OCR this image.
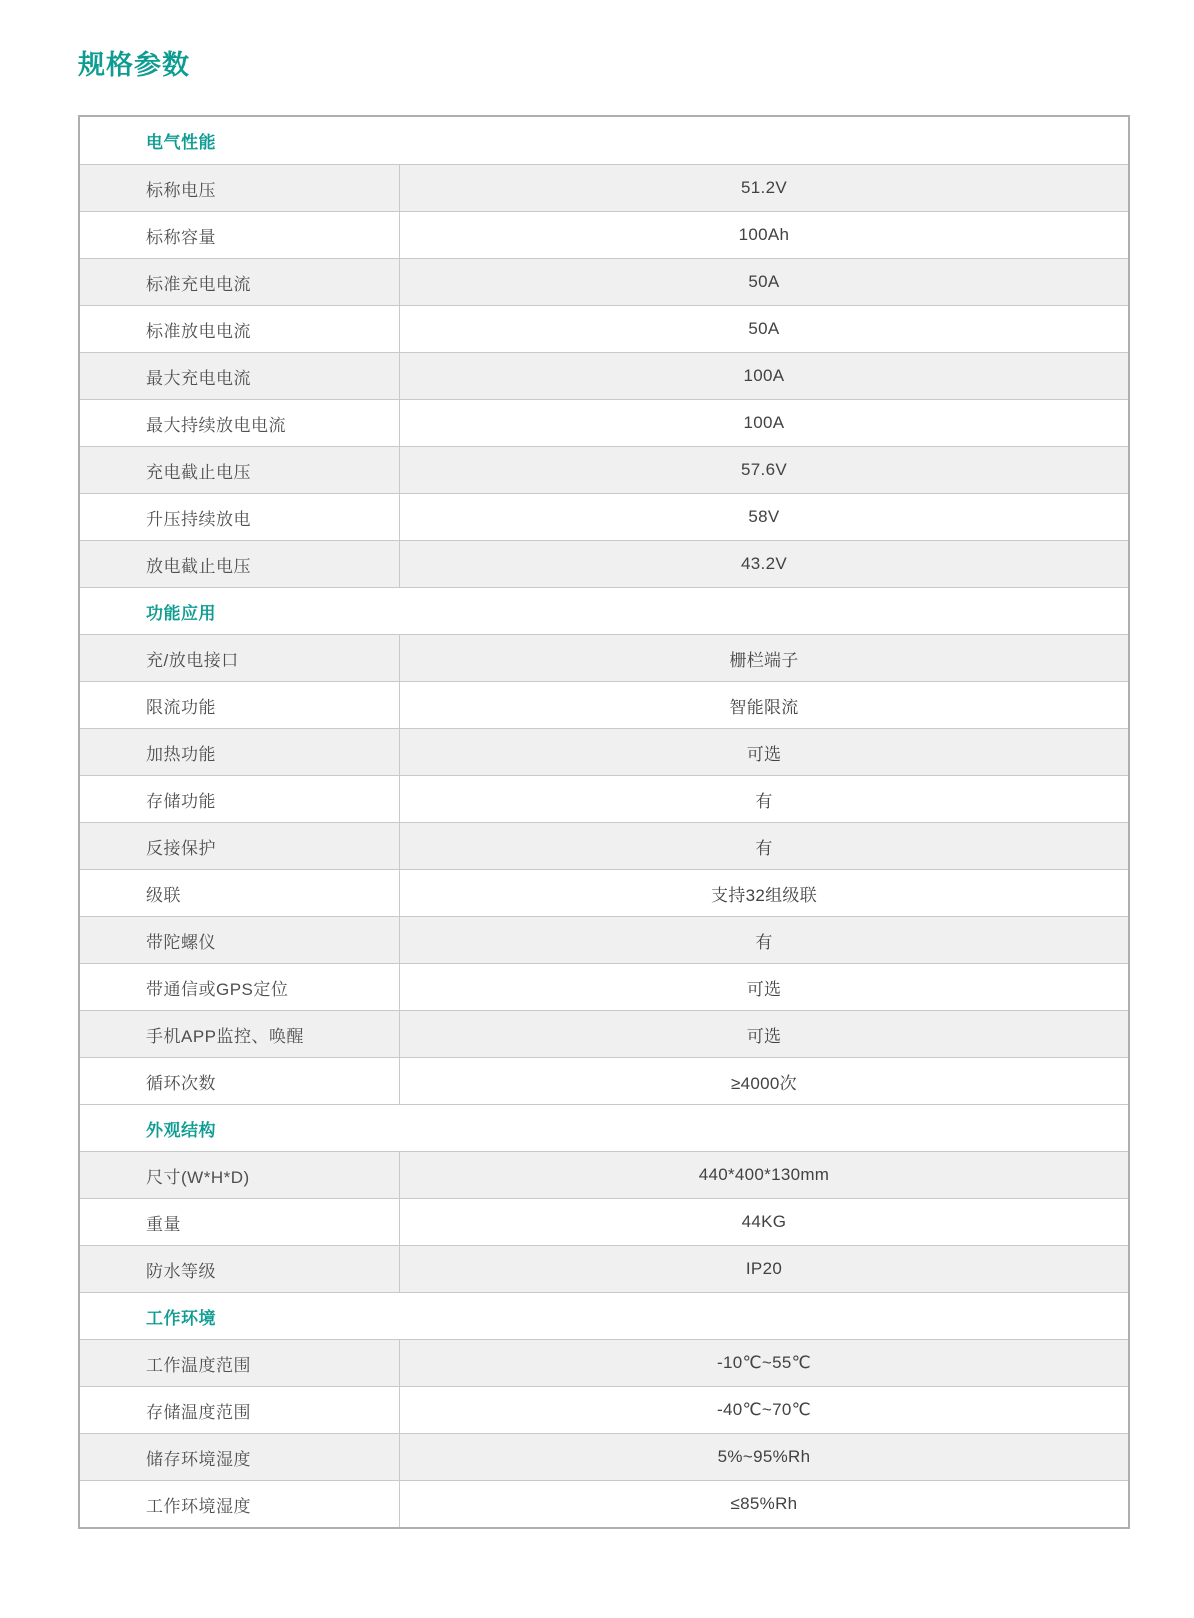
规格参数
电气性能
标称电压	51.2V
标称容量	100Ah
标准充电电流	50A
标准放电电流	50A
最大充电电流	100A
最大持续放电电流	100A
充电截止电压	57.6V
升压持续放电	58V
放电截止电压	43.2V
功能应用
充/放电接口	栅栏端子
限流功能	智能限流
加热功能	可选
存储功能	有
反接保护	有
级联	支持32组级联
带陀螺仪	有
带通信或GPS定位	可选
手机APP监控、唤醒	可选
循环次数	≥4000次
外观结构
尺寸(W*H*D)	440*400*130mm
重量	44KG
防水等级	IP20
工作环境
工作温度范围	-10℃~55℃
存储温度范围	-40℃~70℃
储存环境湿度	5%~95%Rh
工作环境湿度	≤85%Rh
